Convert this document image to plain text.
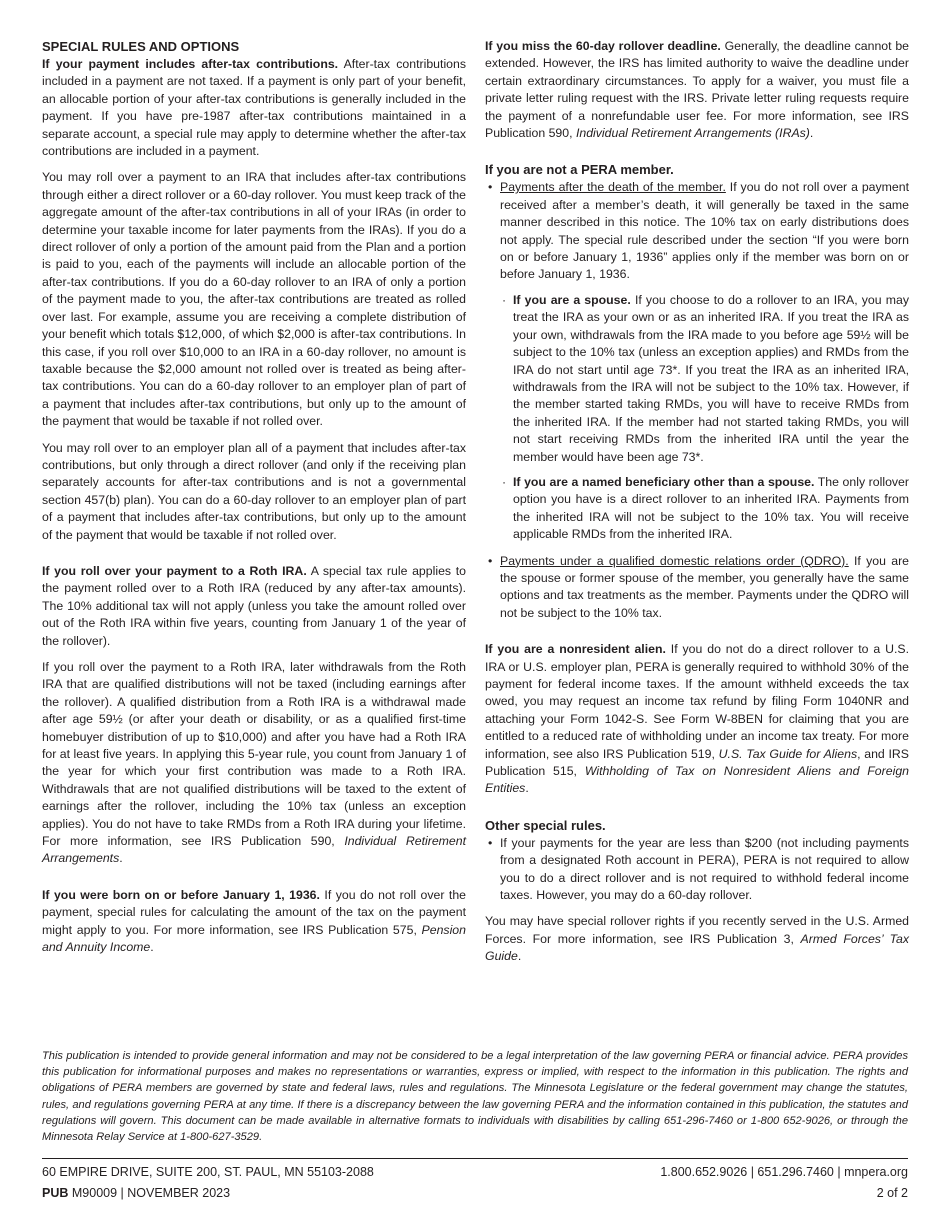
SPECIAL RULES AND OPTIONS

If your payment includes after-tax contributions. After-tax contributions included in a payment are not taxed. If a payment is only part of your benefit, an allocable portion of your after-tax contributions is generally included in the payment. If you have pre-1987 after-tax contributions maintained in a separate account, a special rule may apply to determine whether the after-tax contributions are included in a payment.

You may roll over a payment to an IRA that includes after-tax contributions through either a direct rollover or a 60-day rollover. You must keep track of the aggregate amount of the after-tax contributions in all of your IRAs (in order to determine your taxable income for later payments from the IRAs). If you do a direct rollover of only a portion of the amount paid from the Plan and a portion is paid to you, each of the payments will include an allocable portion of the after-tax contributions. If you do a 60-day rollover to an IRA of only a portion of the payment made to you, the after-tax contributions are treated as rolled over last. For example, assume you are receiving a complete distribution of your benefit which totals $12,000, of which $2,000 is after-tax contributions. In this case, if you roll over $10,000 to an IRA in a 60-day rollover, no amount is taxable because the $2,000 amount not rolled over is treated as being after-tax contributions. You can do a 60-day rollover to an employer plan of part of a payment that includes after-tax contributions, but only up to the amount of the payment that would be taxable if not rolled over.

You may roll over to an employer plan all of a payment that includes after-tax contributions, but only through a direct rollover (and only if the receiving plan separately accounts for after-tax contributions and is not a governmental section 457(b) plan). You can do a 60-day rollover to an employer plan of part of a payment that includes after-tax contributions, but only up to the amount of the payment that would be taxable if not rolled over.

If you roll over your payment to a Roth IRA. A special tax rule applies to the payment rolled over to a Roth IRA (reduced by any after-tax amounts). The 10% additional tax will not apply (unless you take the amount rolled over out of the Roth IRA within five years, counting from January 1 of the year of the rollover).

If you roll over the payment to a Roth IRA, later withdrawals from the Roth IRA that are qualified distributions will not be taxed (including earnings after the rollover). A qualified distribution from a Roth IRA is a withdrawal made after age 59½ (or after your death or disability, or as a qualified first-time homebuyer distribution of up to $10,000) and after you have had a Roth IRA for at least five years. In applying this 5-year rule, you count from January 1 of the year for which your first contribution was made to a Roth IRA. Withdrawals that are not qualified distributions will be taxed to the extent of earnings after the rollover, including the 10% tax (unless an exception applies). You do not have to take RMDs from a Roth IRA during your lifetime. For more information, see IRS Publication 590, Individual Retirement Arrangements.

If you were born on or before January 1, 1936. If you do not roll over the payment, special rules for calculating the amount of the tax on the payment might apply to you. For more information, see IRS Publication 575, Pension and Annuity Income.

If you miss the 60-day rollover deadline. Generally, the deadline cannot be extended. However, the IRS has limited authority to waive the deadline under certain extraordinary circumstances. To apply for a waiver, you must file a private letter ruling request with the IRS. Private letter ruling requests require the payment of a nonrefundable user fee. For more information, see IRS Publication 590, Individual Retirement Arrangements (IRAs).

If you are not a PERA member.
• Payments after the death of the member. If you do not roll over a payment received after a member’s death, it will generally be taxed in the same manner described in this notice. The 10% tax on early distributions does not apply. The special rule described under the section “If you were born on or before January 1, 1936” applies only if the member was born on or before January 1, 1936.
· If you are a spouse. If you choose to do a rollover to an IRA, you may treat the IRA as your own or as an inherited IRA. If you treat the IRA as your own, withdrawals from the IRA made to you before age 59½ will be subject to the 10% tax (unless an exception applies) and RMDs from the IRA do not start until age 73*. If you treat the IRA as an inherited IRA, withdrawals from the IRA will not be subject to the 10% tax. However, if the member started taking RMDs, you will have to receive RMDs from the inherited IRA. If the member had not started taking RMDs, you will not start receiving RMDs from the inherited IRA until the year the member would have been age 73*.
· If you are a named beneficiary other than a spouse. The only rollover option you have is a direct rollover to an inherited IRA. Payments from the inherited IRA will not be subject to the 10% tax. You will receive applicable RMDs from the inherited IRA.
• Payments under a qualified domestic relations order (QDRO). If you are the spouse or former spouse of the member, you generally have the same options and tax treatments as the member. Payments under the QDRO will not be subject to the 10% tax.

If you are a nonresident alien. If you do not do a direct rollover to a U.S. IRA or U.S. employer plan, PERA is generally required to withhold 30% of the payment for federal income taxes. If the amount withheld exceeds the tax owed, you may request an income tax refund by filing Form 1040NR and attaching your Form 1042-S. See Form W-8BEN for claiming that you are entitled to a reduced rate of withholding under an income tax treaty. For more information, see also IRS Publication 519, U.S. Tax Guide for Aliens, and IRS Publication 515, Withholding of Tax on Nonresident Aliens and Foreign Entities.

Other special rules.
• If your payments for the year are less than $200 (not including payments from a designated Roth account in PERA), PERA is not required to allow you to do a direct rollover and is not required to withhold federal income taxes. However, you may do a 60-day rollover.

You may have special rollover rights if you recently served in the U.S. Armed Forces. For more information, see IRS Publication 3, Armed Forces’ Tax Guide.

This publication is intended to provide general information and may not be considered to be a legal interpretation of the law governing PERA or financial advice. PERA provides this publication for informational purposes and makes no representations or warranties, express or implied, with respect to the information in this publication. The rights and obligations of PERA members are governed by state and federal laws, rules and regulations. The Minnesota Legislature or the federal government may change the statutes, rules, and regulations governing PERA at any time. If there is a discrepancy between the law governing PERA and the information contained in this publication, the statutes and regulations will govern. This document can be made available in alternative formats to individuals with disabilities by calling 651-296-7460 or 1-800 652-9026, or through the Minnesota Relay Service at 1-800-627-3529.
60 EMPIRE DRIVE, SUITE 200, ST. PAUL, MN 55103-2088
PUB M90009 | NOVEMBER 2023
1.800.652.9026 | 651.296.7460 | mnpera.org
2 of 2
